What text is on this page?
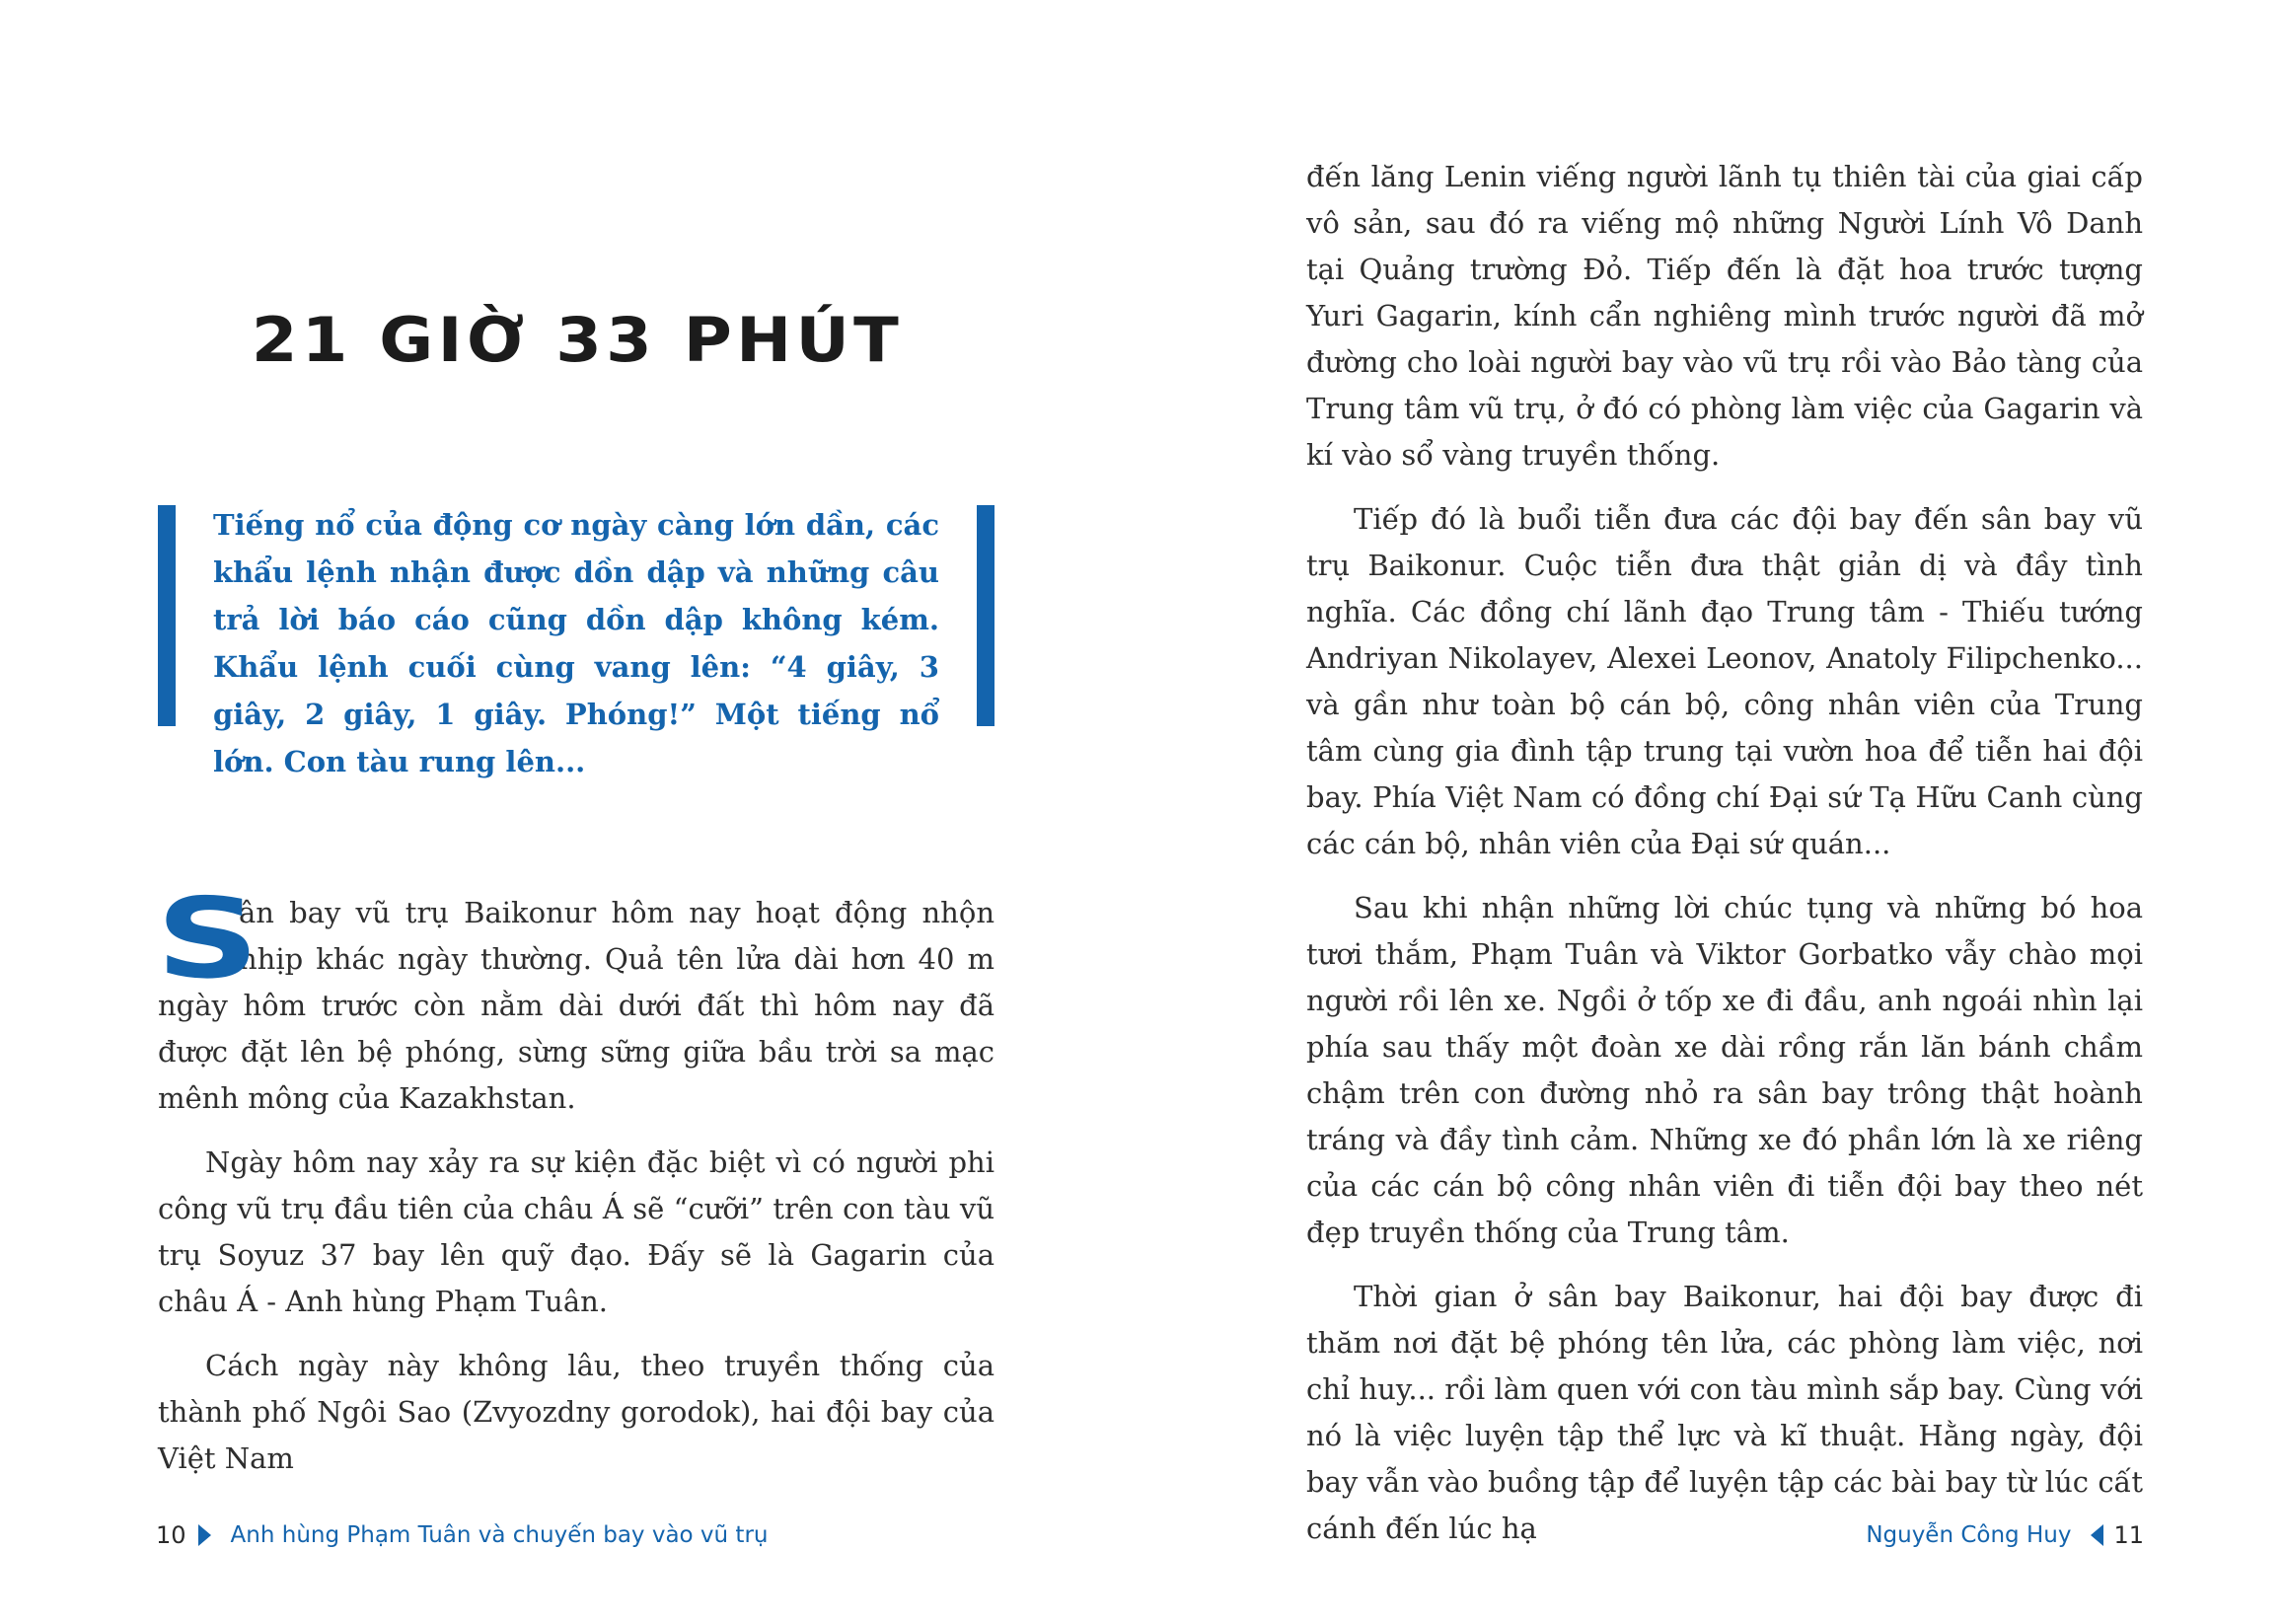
21 GIỜ 33 PHÚT
Tiếng nổ của động cơ ngày càng lớn dần, các khẩu lệnh nhận được dồn dập và những câu trả lời báo cáo cũng dồn dập không kém. Khẩu lệnh cuối cùng vang lên: “4 giây, 3 giây, 2 giây, 1 giây. Phóng!” Một tiếng nổ lớn. Con tàu rung lên...

S
ân bay vũ trụ Baikonur hôm nay hoạt động nhộn nhịp khác ngày thường. Quả tên lửa dài hơn 40 m ngày hôm trước còn nằm dài dưới đất thì hôm nay đã được đặt lên bệ phóng, sừng sững giữa bầu trời sa mạc mênh mông của Kazakhstan.

Ngày hôm nay xảy ra sự kiện đặc biệt vì có người phi công vũ trụ đầu tiên của châu Á sẽ “cưỡi” trên con tàu vũ trụ Soyuz 37 bay lên quỹ đạo. Đấy sẽ là Gagarin của châu Á - Anh hùng Phạm Tuân.

Cách ngày này không lâu, theo truyền thống của thành phố Ngôi Sao (Zvyozdny gorodok), hai đội bay của Việt Nam

10 Anh hùng Phạm Tuân và chuyến bay vào vũ trụ

đến lăng Lenin viếng người lãnh tụ thiên tài của giai cấp vô sản, sau đó ra viếng mộ những Người Lính Vô Danh tại Quảng trường Đỏ. Tiếp đến là đặt hoa trước tượng Yuri Gagarin, kính cẩn nghiêng mình trước người đã mở đường cho loài người bay vào vũ trụ rồi vào Bảo tàng của Trung tâm vũ trụ, ở đó có phòng làm việc của Gagarin và kí vào sổ vàng truyền thống.

Tiếp đó là buổi tiễn đưa các đội bay đến sân bay vũ trụ Baikonur. Cuộc tiễn đưa thật giản dị và đầy tình nghĩa. Các đồng chí lãnh đạo Trung tâm - Thiếu tướng Andriyan Nikolayev, Alexei Leonov, Anatoly Filipchenko... và gần như toàn bộ cán bộ, công nhân viên của Trung tâm cùng gia đình tập trung tại vườn hoa để tiễn hai đội bay. Phía Việt Nam có đồng chí Đại sứ Tạ Hữu Canh cùng các cán bộ, nhân viên của Đại sứ quán...

Sau khi nhận những lời chúc tụng và những bó hoa tươi thắm, Phạm Tuân và Viktor Gorbatko vẫy chào mọi người rồi lên xe. Ngồi ở tốp xe đi đầu, anh ngoái nhìn lại phía sau thấy một đoàn xe dài rồng rắn lăn bánh chầm chậm trên con đường nhỏ ra sân bay trông thật hoành tráng và đầy tình cảm. Những xe đó phần lớn là xe riêng của các cán bộ công nhân viên đi tiễn đội bay theo nét đẹp truyền thống của Trung tâm.

Thời gian ở sân bay Baikonur, hai đội bay được đi thăm nơi đặt bệ phóng tên lửa, các phòng làm việc, nơi chỉ huy... rồi làm quen với con tàu mình sắp bay. Cùng với nó là việc luyện tập thể lực và kĩ thuật. Hằng ngày, đội bay vẫn vào buồng tập để luyện tập các bài bay từ lúc cất cánh đến lúc hạ	Nguyễn Công Huy 11
